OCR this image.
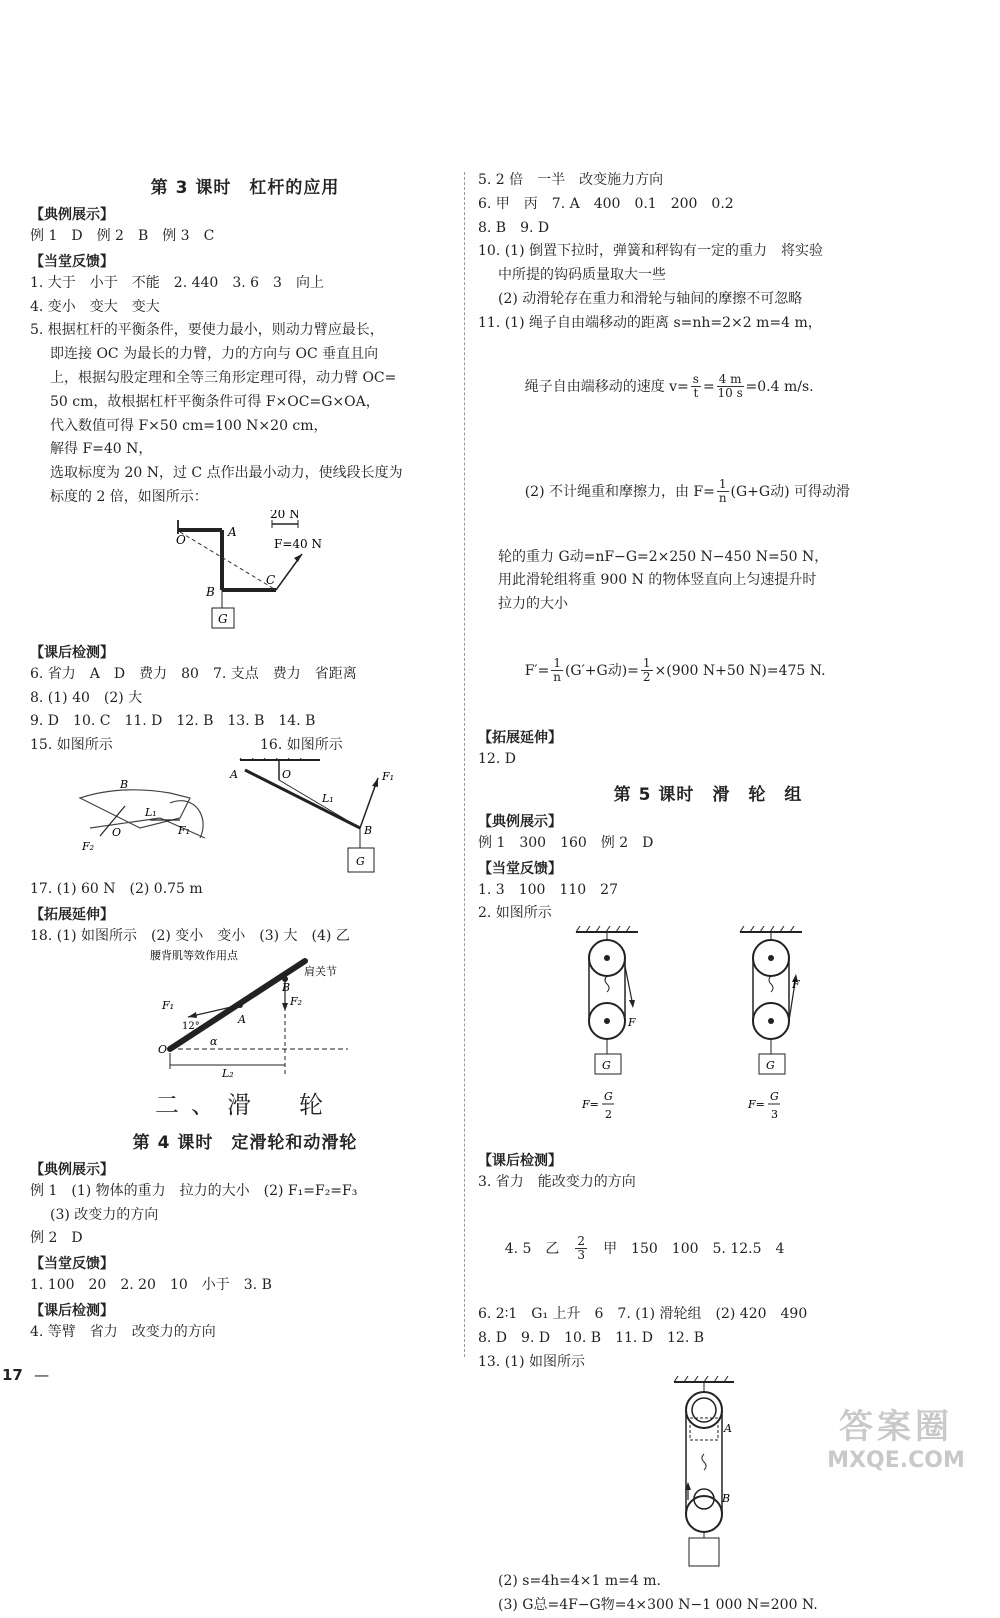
第 3 课时　杠杆的应用
【典例展示】

例 1　D　例 2　B　例 3　C

【当堂反馈】

1. 大于　小于　不能　2. 440　3. 6　3　向上

4. 变小　变大　变大

5. 根据杠杆的平衡条件，要使力最小，则动力臂应最长，

即连接 OC 为最长的力臂，力的方向与 OC 垂直且向

上，根据勾股定理和全等三角形定理可得，动力臂 OC=

50 cm，故根据杠杆平衡条件可得 F×OC=G×OA，

代入数值可得 F×50 cm=100 N×20 cm，

解得 F=40 N，

选取标度为 20 N，过 C 点作出最小动力，使线段长度为

标度的 2 倍，如图所示：

20 N
F=40 N
A
O
B
C
G
【课后检测】

6. 省力　A　D　费力　80　7. 支点　费力　省距离

8. (1) 40　(2) 大

9. D　10. C　11. D　12. B　13. B　14. B

15. 如图所示	16. 如图所示
B
O	F₁
F₂
L₁
A	O
B
F₁
L₁
G

17. (1) 60 N　(2) 0.75 m

【拓展延伸】

18. (1) 如图所示　(2) 变小　变小　(3) 大　(4) 乙

腰背肌等效作用点
肩关节
F₁	F₂
A
B
O
12°
α
L₂
二、滑　轮
第 4 课时　定滑轮和动滑轮
【典例展示】

例 1　(1) 物体的重力　拉力的大小　(2) F₁=F₂=F₃

(3) 改变力的方向

例 2　D

【当堂反馈】

1. 100　20　2. 20　10　小于　3. B

【课后检测】

4. 等臂　省力　改变力的方向

5. 2 倍　一半　改变施力方向

6. 甲　丙　7. A　400　0.1　200　0.2

8. B　9. D

10. (1) 倒置下拉时，弹簧和秤钩有一定的重力　将实验

中所提的钩码质量取大一些

(2) 动滑轮存在重力和滑轮与轴间的摩擦不可忽略

11. (1) 绳子自由端移动的距离 s=nh=2×2 m=4 m，

绳子自由端移动的速度 $v= \frac{s}{t} = \frac{4 m}{10 s} =0.4$ m/s.

(2) 不计绳重和摩擦力，由 $F= \frac{1}{n} (G+G$动) 可得动滑

轮的重力 G动=nF−G=2×250 N−450 N=50 N，

用此滑轮组将重 900 N 的物体竖直向上匀速提升时

拉力的大小

$F'= \frac{1}{n} (G'+G$动)= $\frac{1}{2} \times(900$ N+50 N)=475 N.

【拓展延伸】

12. D

第 5 课时　滑　轮　组
【典例展示】

例 1　300　160　例 2　D

【当堂反馈】

1. 3　100　110　27

2. 如图所示

F
G
F
G
F=
G
2
F=
G
3
【课后检测】

3. 省力　能改变力的方向

4. 5　乙　 $\frac{2}{3}$
　 甲　150　100　5. 12.5　4

6. 2∶1　G₁ 上升　6　7. (1) 滑轮组　(2) 420　490

8. D　9. D　10. B　11. D　12. B

13. (1) 如图所示

A
B

(2) s=4h=4×1 m=4 m.

(3) G总=4F−G物=4×300 N−1 000 N=200 N.

17 —
答案圈
MXQE.COM
